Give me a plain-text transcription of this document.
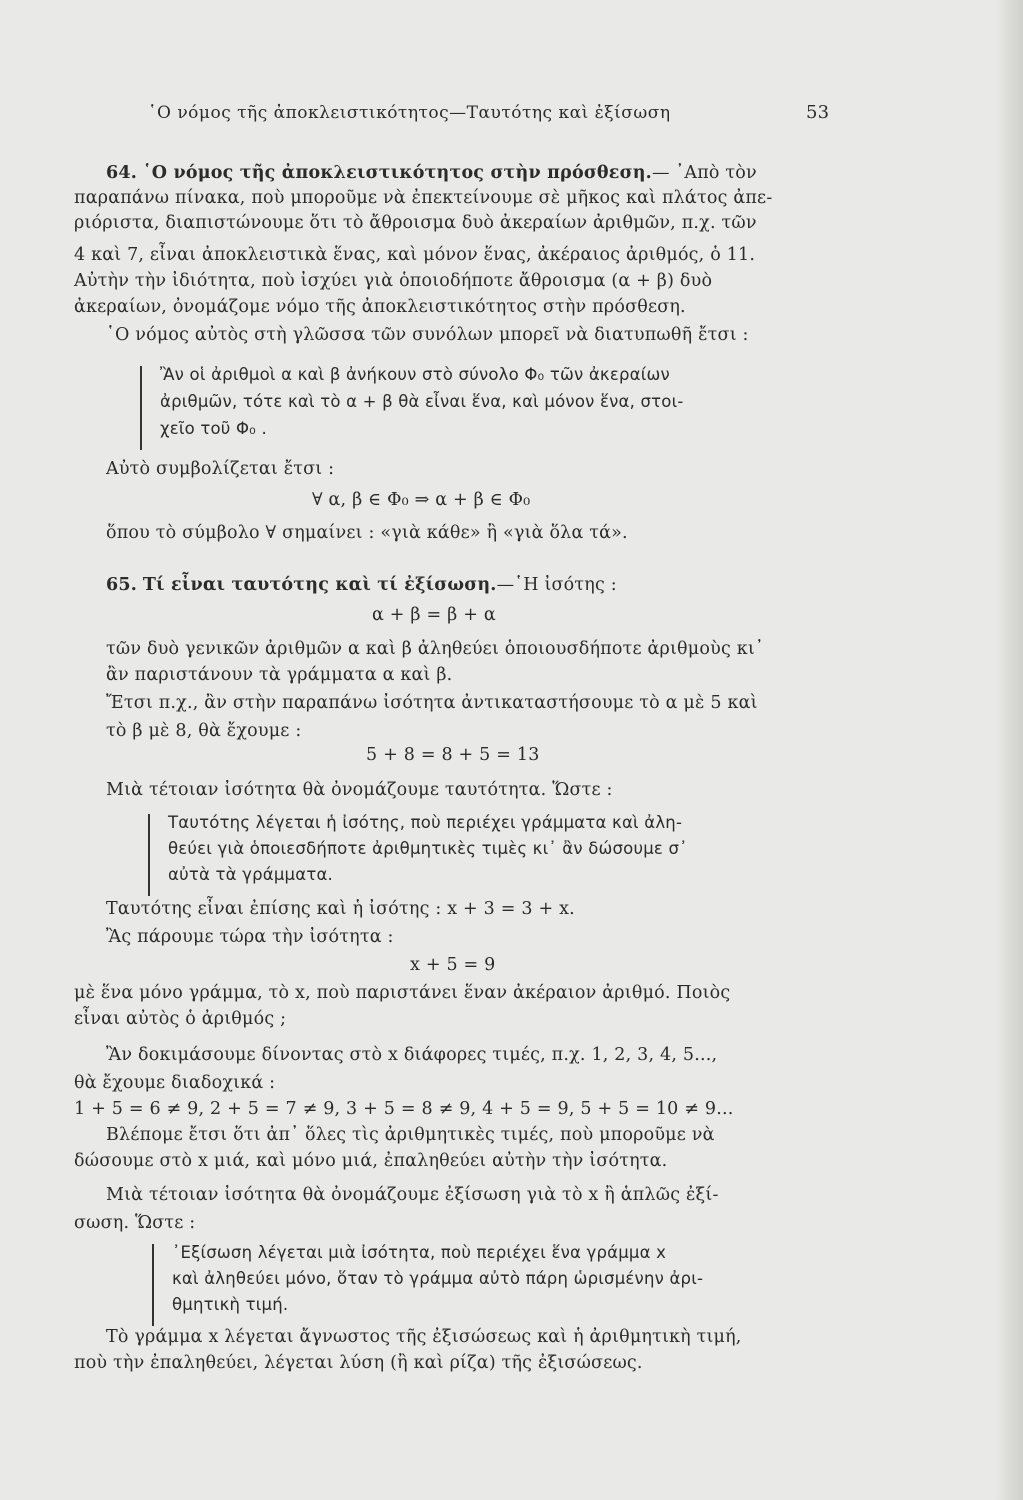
῾Ο νόμος τῆς ἀποκλειστικότητος—Ταυτότης καὶ ἐξίσωση	53
64. ῾Ο νόμος τῆς ἀποκλειστικότητος στὴν πρόσθεση.— ᾿Απὸ τὸν
παραπάνω πίνακα, ποὺ μποροῦμε νὰ ἐπεκτείνουμε σὲ μῆκος καὶ πλάτος ἀπε-
ριόριστα, διαπιστώνουμε ὅτι τὸ ἄθροισμα δυὸ ἀκεραίων ἀριθμῶν, π.χ. τῶν
4 καὶ 7, εἶναι ἀποκλειστικὰ ἕνας, καὶ μόνον ἕνας, ἀκέραιος ἀριθμός, ὁ 11.
Αὐτὴν τὴν ἰδιότητα, ποὺ ἰσχύει γιὰ ὁποιοδήποτε ἄθροισμα (α + β) δυὸ
ἀκεραίων, ὀνομάζομε νόμο τῆς ἀποκλειστικότητος στὴν πρόσθεση.
῾Ο νόμος αὐτὸς στὴ γλῶσσα τῶν συνόλων μπορεῖ νὰ διατυπωθῆ ἔτσι :
Ἂν οἱ ἀριθμοὶ α καὶ β ἀνήκουν στὸ σύνολο Φ₀ τῶν ἀκεραίων
ἀριθμῶν, τότε καὶ τὸ α + β θὰ εἶναι ἕνα, καὶ μόνον ἕνα, στοι-
χεῖο τοῦ Φ₀ .
Αὐτὸ συμβολίζεται ἔτσι :
∀ α, β ∈ Φ₀ ⇒ α + β ∈ Φ₀
ὅπου τὸ σύμβολο ∀ σημαίνει : «γιὰ κάθε» ἢ «γιὰ ὅλα τά».
65. Τί εἶναι ταυτότης καὶ τί ἐξίσωση.—῾Η ἰσότης :
α + β = β + α
τῶν δυὸ γενικῶν ἀριθμῶν α καὶ β ἀληθεύει ὁποιουσδήποτε ἀριθμοὺς κι᾿
ἂν παριστάνουν τὰ γράμματα α καὶ β.
Ἔτσι π.χ., ἂν στὴν παραπάνω ἰσότητα ἀντικαταστήσουμε τὸ α μὲ 5 καὶ
τὸ β μὲ 8, θὰ ἔχουμε :
5 + 8 = 8 + 5 = 13
Μιὰ τέτοιαν ἰσότητα θὰ ὀνομάζουμε ταυτότητα. Ὥστε :
Ταυτότης λέγεται ἡ ἰσότης, ποὺ περιέχει γράμματα καὶ ἀλη-
θεύει γιὰ ὁποιεσδήποτε ἀριθμητικὲς τιμὲς κι᾿ ἂν δώσουμε σ᾿
αὐτὰ τὰ γράμματα.
Ταυτότης εἶναι ἐπίσης καὶ ἡ ἰσότης : x + 3 = 3 + x.
Ἂς πάρουμε τώρα τὴν ἰσότητα :
x + 5 = 9
μὲ ἕνα μόνο γράμμα, τὸ x, ποὺ παριστάνει ἕναν ἀκέραιον ἀριθμό. Ποιὸς
εἶναι αὐτὸς ὁ ἀριθμός ;
Ἂν δοκιμάσουμε δίνοντας στὸ x διάφορες τιμές, π.χ. 1, 2, 3, 4, 5...,
θὰ ἔχουμε διαδοχικά :
1 + 5 = 6 ≠ 9, 2 + 5 = 7 ≠ 9, 3 + 5 = 8 ≠ 9, 4 + 5 = 9, 5 + 5 = 10 ≠ 9...
Βλέπομε ἔτσι ὅτι ἀπ᾿ ὅλες τὶς ἀριθμητικὲς τιμές, ποὺ μποροῦμε νὰ
δώσουμε στὸ x μιά, καὶ μόνο μιά, ἐπαληθεύει αὐτὴν τὴν ἰσότητα.
Μιὰ τέτοιαν ἰσότητα θὰ ὀνομάζουμε ἐξίσωση γιὰ τὸ x ἢ ἁπλῶς ἐξί-
σωση. Ὥστε :
᾿Εξίσωση λέγεται μιὰ ἰσότητα, ποὺ περιέχει ἕνα γράμμα x
καὶ ἀληθεύει μόνο, ὅταν τὸ γράμμα αὐτὸ πάρη ὡρισμένην ἀρι-
θμητικὴ τιμή.
Τὸ γράμμα x λέγεται ἄγνωστος τῆς ἐξισώσεως καὶ ἡ ἀριθμητικὴ τιμή,
ποὺ τὴν ἐπαληθεύει, λέγεται λύση (ἢ καὶ ρίζα) τῆς ἐξισώσεως.
